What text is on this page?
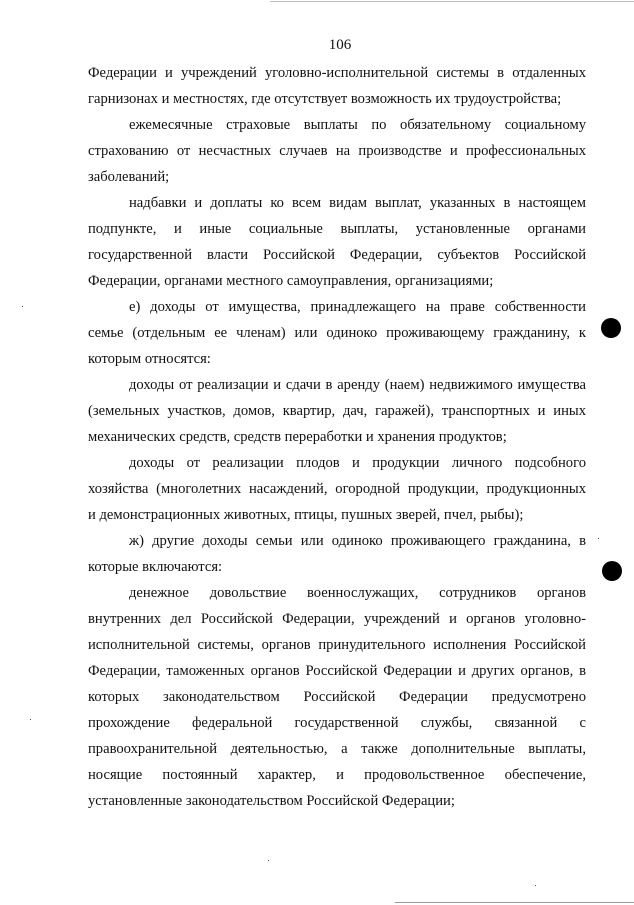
106
Федерации и учреждений уголовно-исполнительной системы в отдаленных
гарнизонах и местностях, где отсутствует возможность их трудоустройства;
ежемесячные страховые выплаты по обязательному социальному
страхованию от несчастных случаев на производстве и профессиональных
заболеваний;
надбавки и доплаты ко всем видам выплат, указанных в настоящем
подпункте, и иные социальные выплаты, установленные органами
государственной власти Российской Федерации, субъектов Российской
Федерации, органами местного самоуправления, организациями;
е) доходы от имущества, принадлежащего на праве собственности
семье (отдельным ее членам) или одиноко проживающему гражданину, к
которым относятся:
доходы от реализации и сдачи в аренду (наем) недвижимого имущества
(земельных участков, домов, квартир, дач, гаражей), транспортных и иных
механических средств, средств переработки и хранения продуктов;
доходы от реализации плодов и продукции личного подсобного
хозяйства (многолетних насаждений, огородной продукции, продукционных
и демонстрационных животных, птицы, пушных зверей, пчел, рыбы);
ж) другие доходы семьи или одиноко проживающего гражданина, в
которые включаются:
денежное довольствие военнослужащих, сотрудников органов
внутренних дел Российской Федерации, учреждений и органов уголовно-
исполнительной системы, органов принудительного исполнения Российской
Федерации, таможенных органов Российской Федерации и других органов, в
которых законодательством Российской Федерации предусмотрено
прохождение федеральной государственной службы, связанной с
правоохранительной деятельностью, а также дополнительные выплаты,
носящие постоянный характер, и продовольственное обеспечение,
установленные законодательством Российской Федерации;
